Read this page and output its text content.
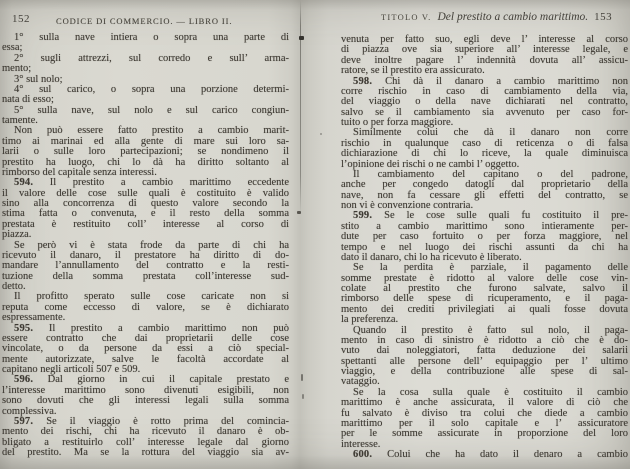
152	CODICE DI COMMERCIO. — LIBRO II.
1° sulla nave intiera o sopra una parte di
essa;
2° sugli attrezzi, sul corredo e sull’ arma-
mento;
3° sul nolo;
4° sul carico, o sopra una porzione determi-
nata di esso;
5° sulla nave, sul nolo e sul carico congiun-
tamente.
Non può essere fatto prestito a cambio marit-
timo ai marinai ed alla gente di mare sui loro sa-
larii o sulle loro partecipazioni; se nondimeno il
prestito ha luogo, chi lo dà ha diritto soltanto al
rimborso del capitale senza interessi.
594. Il prestito a cambio marittimo eccedente
il valore delle cose sulle quali è costituito è valido
sino alla concorrenza di questo valore secondo la
stima fatta o convenuta, e il resto della somma
prestata è restituito coll’ interesse al corso di
piazza.
Se però vi è stata frode da parte di chi ha
ricevuto il danaro, il prestatore ha diritto di do-
mandare l’annullamento del contratto e la resti-
tuzione della somma prestata coll’interesse sud-
detto.
Il profitto sperato sulle cose caricate non si
reputa come eccesso di valore, se è dichiarato
espressamente.
595. Il prestito a cambio marittimo non può
essere contratto che dai proprietarii delle cose
vincolate, o da persone da essi a ciò special-
mente autorizzate, salve le facoltà accordate al
capitano negli articoli 507 e 509.
596. Dal giorno in cui il capitale prestato e
l’interesse marittimo sono divenuti esigibili, non
sono dovuti che gli interessi legali sulla somma
complessiva.
597. Se il viaggio è rotto prima del comincia-
mento dei rischi, chi ha ricevuto il danaro è ob-
bligato a restituirlo coll’ interesse legale dal giorno
del prestito. Ma se la rottura del viaggio sia av-
TITOLO V. Del prestito a cambio marittimo. 153
venuta per fatto suo, egli deve l’ interesse al corso
di piazza ove sia superiore all’ interesse legale, e
deve inoltre pagare l’ indennità dovuta all’ assicu-
ratore, se il prestito era assicurato.
598. Chi dà il danaro a cambio marittimo non
corre rischio in caso di cambiamento della via,
del viaggio o della nave dichiarati nel contratto,
salvo se il cambiamento sia avvenuto per caso for-
tuito o per forza maggiore.
Similmente colui che dà il danaro non corre
rischio in qualunque caso di reticenza o di falsa
dichiarazione di chi lo riceve, la quale diminuisca
l’opinione dei rischi o ne cambi l’ oggetto.
Il cambiamento del capitano o del padrone,
anche per congedo datogli dal proprietario della
nave, non fa cessare gli effetti del contratto, se
non vi è convenzione contraria.
599. Se le cose sulle quali fu costituito il pre-
stito a cambio marittimo sono intieramente per-
dute per caso fortuito o per forza maggiore, nel
tempo e nel luogo dei rischi assunti da chi ha
dato il danaro, chi lo ha ricevuto è liberato.
Se la perdita è parziale, il pagamento delle
somme prestate è ridotto al valore delle cose vin-
colate al prestito che furono salvate, salvo il
rimborso delle spese di ricuperamento, e il paga-
mento dei crediti privilegiati ai quali fosse dovuta
la preferenza.
Quando il prestito è fatto sul nolo, il paga-
mento in caso di sinistro è ridotto a ciò che è do-
vuto dai noleggiatori, fatta deduzione dei salarii
spettanti alle persone dell’ equipaggio per l’ ultimo
viaggio, e della contribuzione alle spese di sal-
vataggio.
Se la cosa sulla quale è costituito il cambio
marittimo è anche assicurata, il valore di ciò che
fu salvato è diviso tra colui che diede a cambio
marittimo per il solo capitale e l’ assicuratore
per le somme assicurate in proporzione del loro
interesse.
600. Colui che ha dato il denaro a cambio
